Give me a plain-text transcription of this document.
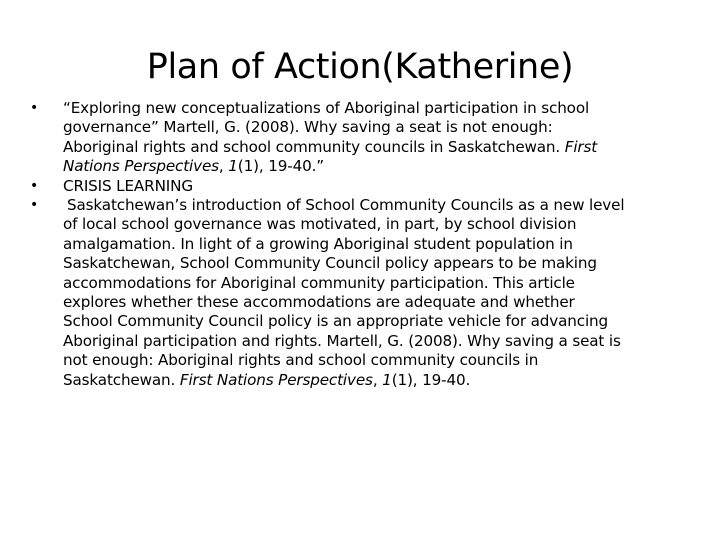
Plan of Action(Katherine)
•	“Exploring new conceptualizations of Aboriginal participation in school
governance” Martell, G. (2008). Why saving a seat is not enough:
Aboriginal rights and school community councils in Saskatchewan. First
Nations Perspectives, 1(1), 19-40.”
•	CRISIS LEARNING
•	Saskatchewan’s introduction of School Community Councils as a new level
of local school governance was motivated, in part, by school division
amalgamation. In light of a growing Aboriginal student population in
Saskatchewan, School Community Council policy appears to be making
accommodations for Aboriginal community participation. This article
explores whether these accommodations are adequate and whether
School Community Council policy is an appropriate vehicle for advancing
Aboriginal participation and rights. Martell, G. (2008). Why saving a seat is
not enough: Aboriginal rights and school community councils in
Saskatchewan. First Nations Perspectives, 1(1), 19-40.
